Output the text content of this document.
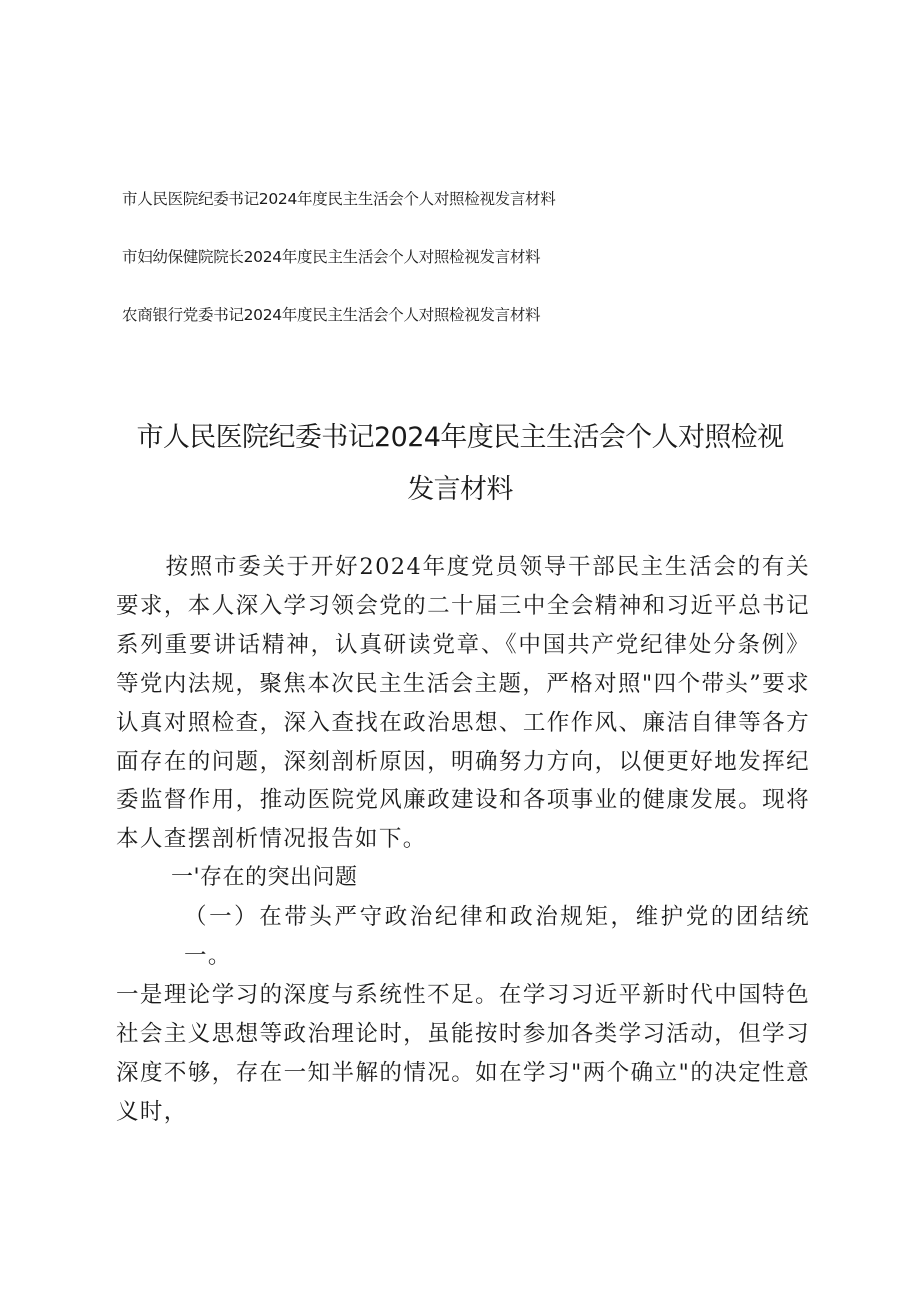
市人民医院纪委书记2024年度民主生活会个人对照检视发言材料
市妇幼保健院院长2024年度民主生活会个人对照检视发言材料
农商银行党委书记2024年度民主生活会个人对照检视发言材料
市人民医院纪委书记2024年度民主生活会个人对照检视
发言材料

按照市委关于开好2024年度党员领导干部民主生活会的有关要求，本人深入学习领会党的二十届三中全会精神和习近平总书记系列重要讲话精神，认真研读党章、《中国共产党纪律处分条例》等党内法规，聚焦本次民主生活会主题，严格对照"四个带头”要求认真对照检查，深入查找在政治思想、工作作风、廉洁自律等各方面存在的问题，深刻剖析原因，明确努力方向，以便更好地发挥纪委监督作用，推动医院党风廉政建设和各项事业的健康发展。现将本人查摆剖析情况报告如下。

一'存在的突出问题

（一）在带头严守政治纪律和政治规矩，维护党的团结统一。

一是理论学习的深度与系统性不足。在学习习近平新时代中国特色社会主义思想等政治理论时，虽能按时参加各类学习活动，但学习深度不够，存在一知半解的情况。如在学习"两个确立"的决定性意义时，
